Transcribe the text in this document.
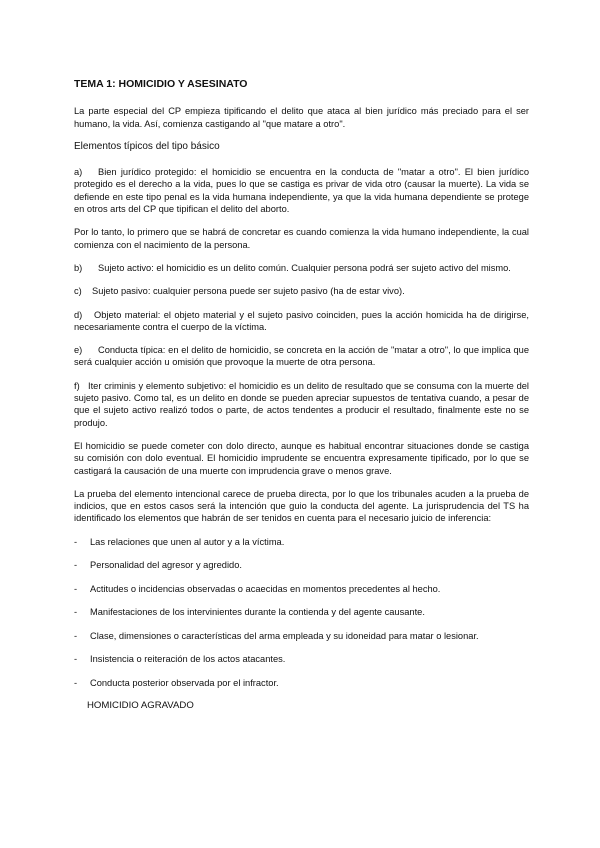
TEMA 1: HOMICIDIO Y ASESINATO

La parte especial del CP empieza tipificando el delito que ataca al bien jurídico más preciado para el ser humano, la vida. Así, comienza castigando al "que matare a otro".

Elementos típicos del tipo básico

a) Bien jurídico protegido: el homicidio se encuentra en la conducta de "matar a otro". El bien jurídico protegido es el derecho a la vida, pues lo que se castiga es privar de vida otro (causar la muerte). La vida se defiende en este tipo penal es la vida humana independiente, ya que la vida humana dependiente se protege en otros arts del CP que tipifican el delito del aborto.

Por lo tanto, lo primero que se habrá de concretar es cuando comienza la vida humano independiente, la cual comienza con el nacimiento de la persona.

b) Sujeto activo: el homicidio es un delito común. Cualquier persona podrá ser sujeto activo del mismo.

c) Sujeto pasivo: cualquier persona puede ser sujeto pasivo (ha de estar vivo).

d) Objeto material: el objeto material y el sujeto pasivo coinciden, pues la acción homicida ha de dirigirse, necesariamente contra el cuerpo de la víctima.

e) Conducta típica: en el delito de homicidio, se concreta en la acción de "matar a otro", lo que implica que será cualquier acción u omisión que provoque la muerte de otra persona.

f) Iter criminis y elemento subjetivo: el homicidio es un delito de resultado que se consuma con la muerte del sujeto pasivo. Como tal, es un delito en donde se pueden apreciar supuestos de tentativa cuando, a pesar de que el sujeto activo realizó todos o parte, de actos tendentes a producir el resultado, finalmente este no se produjo.

El homicidio se puede cometer con dolo directo, aunque es habitual encontrar situaciones donde se castiga su comisión con dolo eventual. El homicidio imprudente se encuentra expresamente tipificado, por lo que se castigará la causación de una muerte con imprudencia grave o menos grave.

La prueba del elemento intencional carece de prueba directa, por lo que los tribunales acuden a la prueba de indicios, que en estos casos será la intención que guio la conducta del agente. La jurisprudencia del TS ha identificado los elementos que habrán de ser tenidos en cuenta para el necesario juicio de inferencia:

- Las relaciones que unen al autor y a la víctima.
- Personalidad del agresor y agredido.
- Actitudes o incidencias observadas o acaecidas en momentos precedentes al hecho.
- Manifestaciones de los intervinientes durante la contienda y del agente causante.
- Clase, dimensiones o características del arma empleada y su idoneidad para matar o lesionar.
- Insistencia o reiteración de los actos atacantes.
- Conducta posterior observada por el infractor.
HOMICIDIO AGRAVADO
